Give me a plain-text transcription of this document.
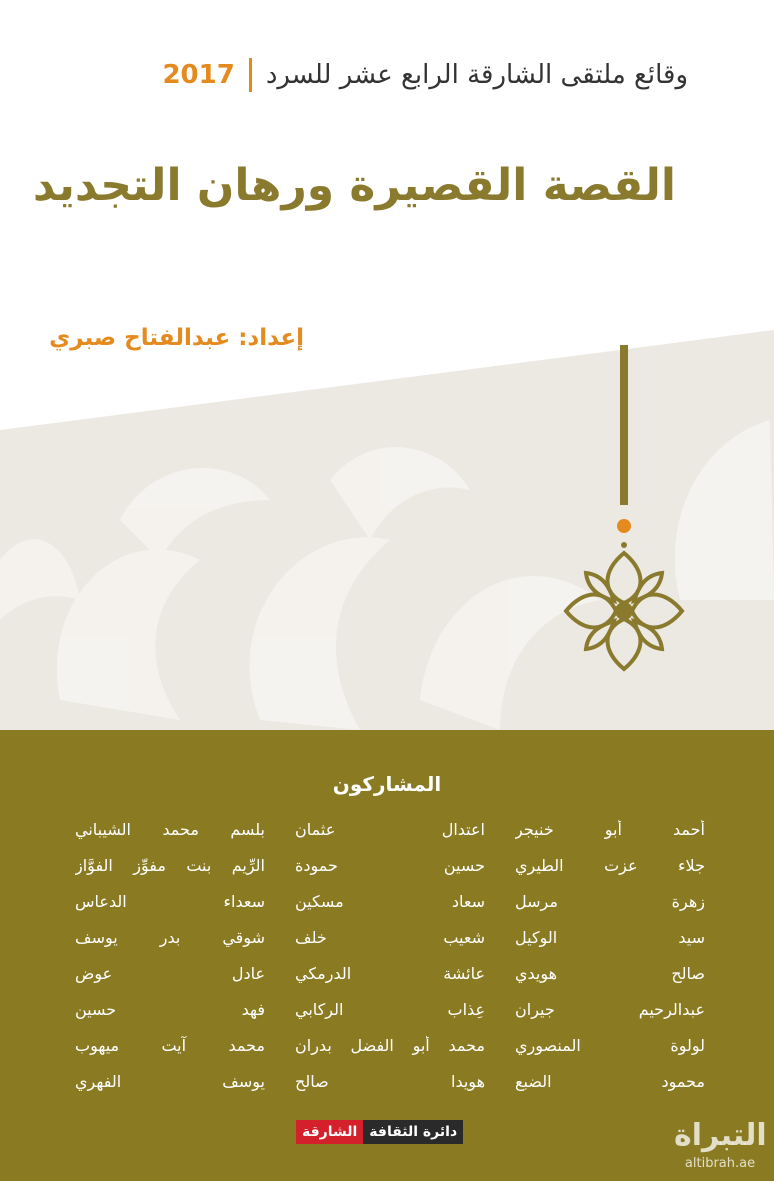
وقائع ملتقى الشارقة الرابع عشر للسرد
2017
القصة القصيرة ورهان التجديد
إعداد: عبدالفتاح صبري
المشاركون
أحمد أبو خنيجر
جلاء عزت الطيري
زهرة مرسل
سيد الوكيل
صالح هويدي
عبدالرحيم جيران
لولوة المنصوري
محمود الضبع
اعتدال عثمان
حسين حمودة
سعاد مسكين
شعيب خلف
عائشة الدرمكي
عِذاب الركابي
محمد أبو الفضل بدران
هويدا صالح
بلسم محمد الشيباني
الرِّيم بنت مفوِّز الفوَّاز
سعداء الدعاس
شوقي بدر يوسف
عادل عوض
فهد حسين
محمد آيت ميهوب
يوسف الفهري
دائرة الثقافة
الشارقة	التبراة
altibrah.ae
